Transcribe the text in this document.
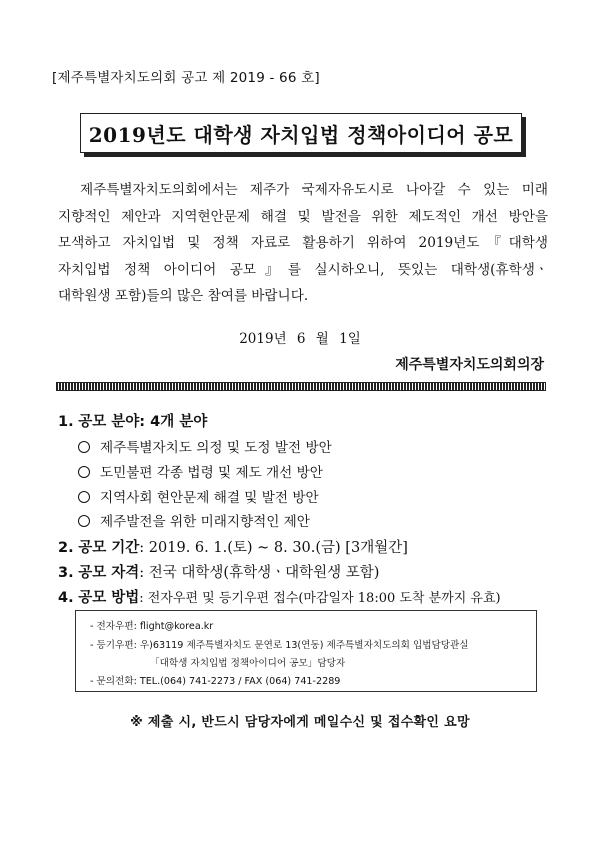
[제주특별자치도의회 공고 제 2019 - 66 호]
2019년도 대학생 자치입법 정책아이디어 공모
제주특별자치도의회에서는 제주가 국제자유도시로 나아갈 수 있는 미래
지향적인 제안과 지역현안문제 해결 및 발전을 위한 제도적인 개선 방안을
모색하고 자치입법 및 정책 자료로 활용하기 위하여 2019년도『대학생
자치입법 정책 아이디어 공모』를 실시하오니, 뜻있는 대학생(휴학생ㆍ
대학원생 포함)들의 많은 참여를 바랍니다.
2019년 6 월 1일
제주특별자치도의회의장
1. 공모 분야: 4개 분야
제주특별자치도 의정 및 도정 발전 방안
도민불편 각종 법령 및 제도 개선 방안
지역사회 현안문제 해결 및 발전 방안
제주발전을 위한 미래지향적인 제안
2. 공모 기간: 2019. 6. 1.(토) ~ 8. 30.(금) [3개월간]
3. 공모 자격: 전국 대학생(휴학생ㆍ대학원생 포함)
4. 공모 방법: 전자우편 및 등기우편 접수(마감일자 18:00 도착 분까지 유효)
- 전자우편: flight@korea.kr
- 등기우편: 우)63119 제주특별자치도 문연로 13(연동) 제주특별자치도의회 입법담당관실
「대학생 자치입법 정책아이디어 공모」담당자
- 문의전화: TEL.(064) 741-2273 / FAX (064) 741-2289
※ 제출 시, 반드시 담당자에게 메일수신 및 접수확인 요망
